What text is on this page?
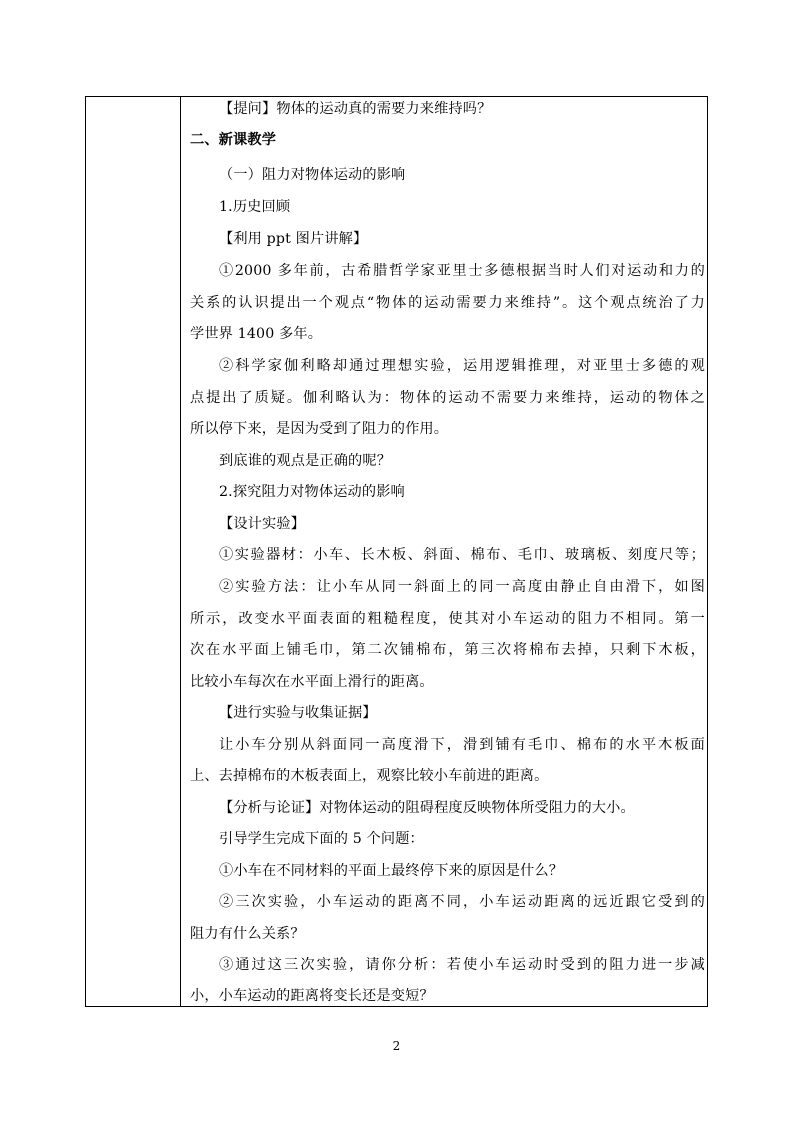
【提问】物体的运动真的需要力来维持吗？
二、新课教学
（一）阻力对物体运动的影响
1.历史回顾
【利用 ppt 图片讲解】
①2000 多年前，古希腊哲学家亚里士多德根据当时人们对运动和力的
关系的认识提出一个观点“物体的运动需要力来维持”。这个观点统治了力
学世界 1400 多年。
②科学家伽利略却通过理想实验，运用逻辑推理，对亚里士多德的观
点提出了质疑。伽利略认为：物体的运动不需要力来维持，运动的物体之
所以停下来，是因为受到了阻力的作用。
到底谁的观点是正确的呢？
2.探究阻力对物体运动的影响
【设计实验】
①实验器材：小车、长木板、斜面、棉布、毛巾、玻璃板、刻度尺等；
②实验方法：让小车从同一斜面上的同一高度由静止自由滑下，如图
所示，改变水平面表面的粗糙程度，使其对小车运动的阻力不相同。第一
次在水平面上铺毛巾，第二次铺棉布，第三次将棉布去掉，只剩下木板，
比较小车每次在水平面上滑行的距离。
【进行实验与收集证据】
让小车分别从斜面同一高度滑下，滑到铺有毛巾、棉布的水平木板面
上、去掉棉布的木板表面上，观察比较小车前进的距离。
【分析与论证】对物体运动的阻碍程度反映物体所受阻力的大小。
引导学生完成下面的 5 个问题：
①小车在不同材料的平面上最终停下来的原因是什么？
②三次实验，小车运动的距离不同，小车运动距离的远近跟它受到的
阻力有什么关系？
③通过这三次实验，请你分析：若使小车运动时受到的阻力进一步减
小，小车运动的距离将变长还是变短？
2
